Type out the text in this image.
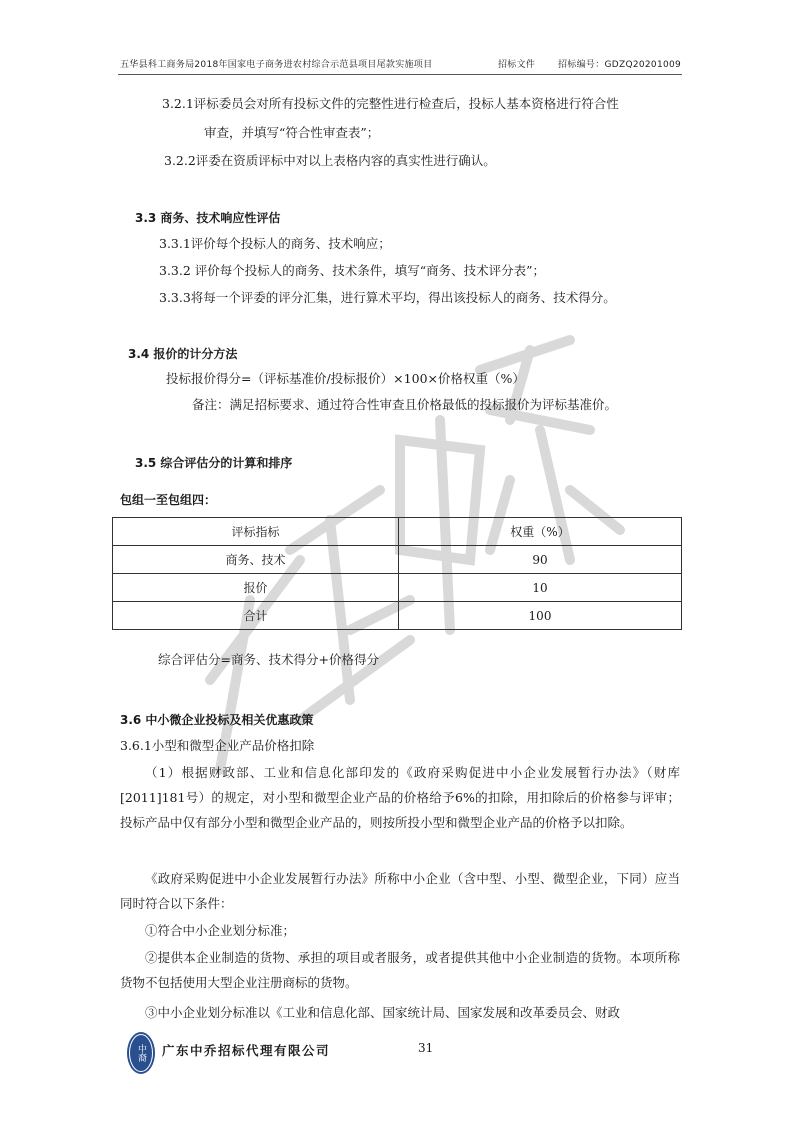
五华县科工商务局2018年国家电子商务进农村综合示范县项目尾款实施项目	招标文件	招标编号：GDZQ20201009
3.2.1评标委员会对所有投标文件的完整性进行检查后，投标人基本资格进行符合性
审查，并填写“符合性审查表”；
3.2.2评委在资质评标中对以上表格内容的真实性进行确认。
3.3 商务、技术响应性评估
3.3.1评价每个投标人的商务、技术响应；
3.3.2 评价每个投标人的商务、技术条件，填写“商务、技术评分表”；
3.3.3将每一个评委的评分汇集，进行算术平均，得出该投标人的商务、技术得分。
3.4 报价的计分方法
投标报价得分=（评标基准价/投标报价）×100×价格权重（%）
备注：满足招标要求、通过符合性审查且价格最低的投标报价为评标基准价。
3.5 综合评估分的计算和排序
包组一至包组四：
评标指标	权重（%）
商务、技术	90
报价	10
合计	100
综合评估分=商务、技术得分+价格得分
3.6 中小微企业投标及相关优惠政策
3.6.1小型和微型企业产品价格扣除
（1）根据财政部、工业和信息化部印发的《政府采购促进中小企业发展暂行办法》（财库[2011]181号）的规定，对小型和微型企业产品的价格给予6%的扣除，用扣除后的价格参与评审；投标产品中仅有部分小型和微型企业产品的，则按所投小型和微型企业产品的价格予以扣除。
《政府采购促进中小企业发展暂行办法》所称中小企业（含中型、小型、微型企业，下同）应当同时符合以下条件：
①符合中小企业划分标准；
②提供本企业制造的货物、承担的项目或者服务，或者提供其他中小企业制造的货物。本项所称货物不包括使用大型企业注册商标的货物。
③中小企业划分标准以《工业和信息化部、国家统计局、国家发展和改革委员会、财政
中裔 广东中乔招标代理有限公司	31
